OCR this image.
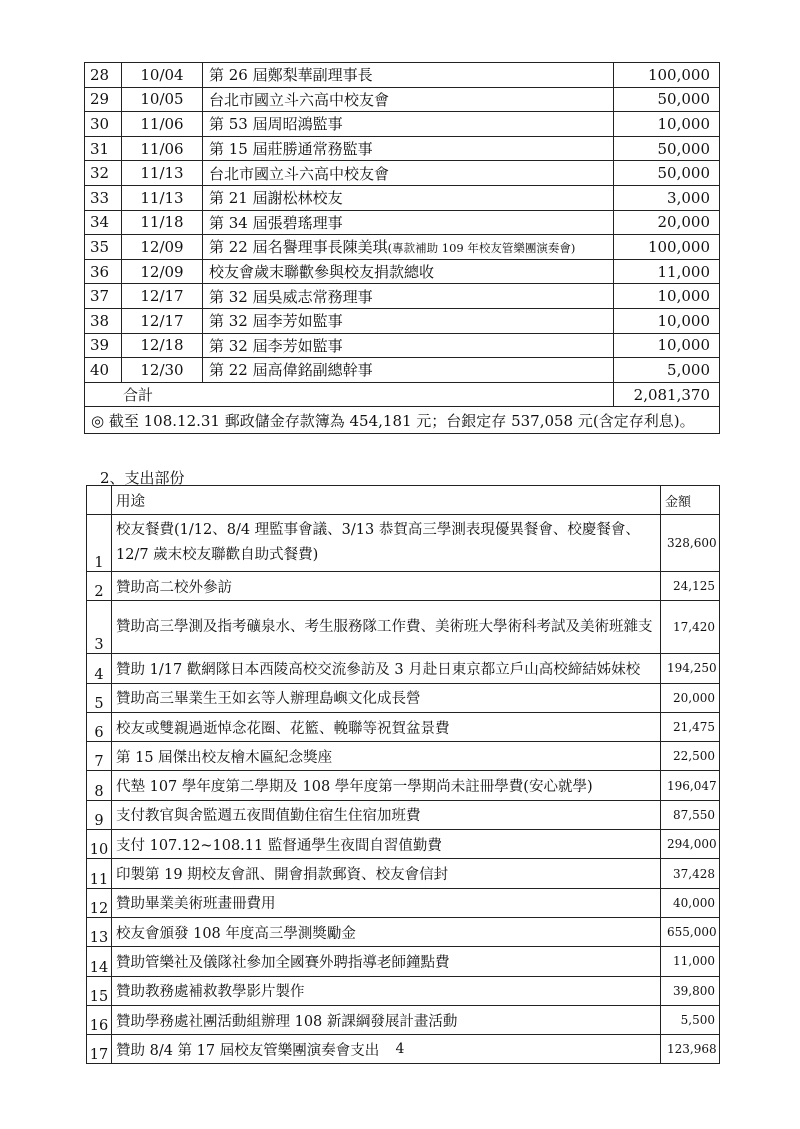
28	10/04	第 26 屆鄭梨華副理事長	100,000
29	10/05	台北市國立斗六高中校友會	50,000
30	11/06	第 53 屆周昭鴻監事	10,000
31	11/06	第 15 屆莊勝通常務監事	50,000
32	11/13	台北市國立斗六高中校友會	50,000
33	11/13	第 21 屆謝松林校友	3,000
34	11/18	第 34 屆張碧瑤理事	20,000
35	12/09	第 22 屆名譽理事長陳美琪(專款補助 109 年校友管樂團演奏會)	100,000
36	12/09	校友會歲末聯歡參與校友捐款總收	11,000
37	12/17	第 32 屆吳威志常務理事	10,000
38	12/17	第 32 屆李芳如監事	10,000
39	12/18	第 32 屆李芳如監事	10,000
40	12/30	第 22 屆高偉銘副總幹事	5,000
合計			2,081,370
◎ 截至 108.12.31 郵政儲金存款簿為 454,181 元；台銀定存 537,058 元(含定存利息)。			
2、支出部份
	用途	金額
1	校友餐費(1/12、8/4 理監事會議、3/13 恭賀高三學測表現優異餐會、校慶餐會、12/7 歲末校友聯歡自助式餐費)	328,600
2	贊助高二校外參訪	24,125
3	贊助高三學測及指考礦泉水、考生服務隊工作費、美術班大學術科考試及美術班雜支	17,420
4	贊助 1/17 歡網隊日本西陵高校交流參訪及 3 月赴日東京都立戶山高校締結姊妹校	194,250
5	贊助高三畢業生王如玄等人辦理島嶼文化成長營	20,000
6	校友或雙親過逝悼念花圈、花籃、輓聯等祝賀盆景費	21,475
7	第 15 屆傑出校友檜木匾紀念獎座	22,500
8	代墊 107 學年度第二學期及 108 學年度第一學期尚未註冊學費(安心就學)	196,047
9	支付教官與舍監週五夜間值勤住宿生住宿加班費	87,550
10	支付 107.12~108.11 監督通學生夜間自習值勤費	294,000
11	印製第 19 期校友會訊、開會捐款郵資、校友會信封	37,428
12	贊助畢業美術班畫冊費用	40,000
13	校友會頒發 108 年度高三學測獎勵金	655,000
14	贊助管樂社及儀隊社參加全國賽外聘指導老師鐘點費	11,000
15	贊助教務處補救教學影片製作	39,800
16	贊助學務處社團活動組辦理 108 新課綱發展計畫活動	5,500
17	贊助 8/4 第 17 屆校友管樂團演奏會支出	123,968
4
